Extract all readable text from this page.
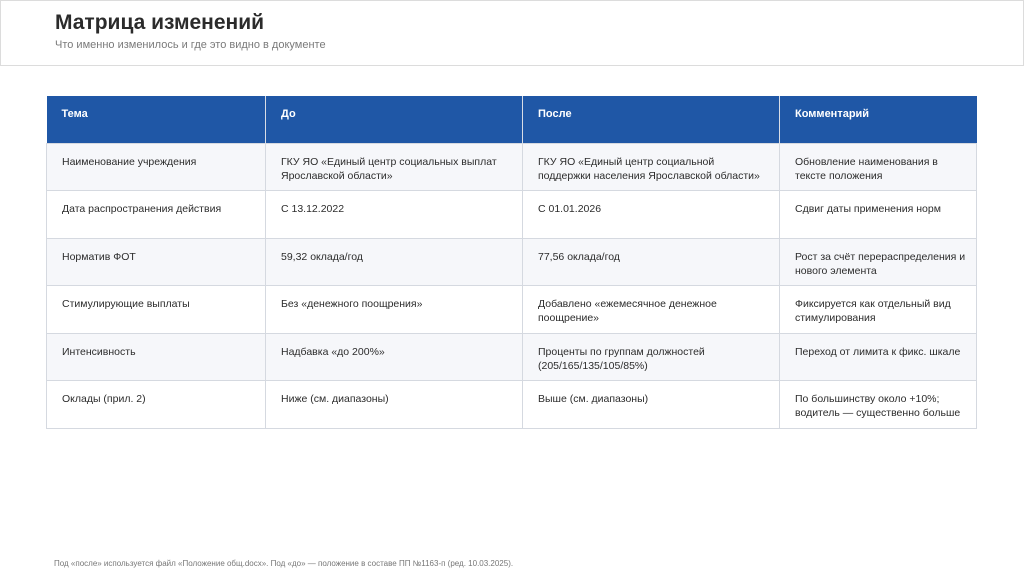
Матрица изменений
Что именно изменилось и где это видно в документе
Тема	До	После	Комментарий

Наименование учреждения	ГКУ ЯО «Единый центр социальных выплат Ярославской области»	ГКУ ЯО «Единый центр социальной поддержки населения Ярославской области»	Обновление наименования в тексте положения

Дата распространения действия	С 13.12.2022	С 01.01.2026	Сдвиг даты применения норм

Норматив ФОТ	59,32 оклада/год	77,56 оклада/год	Рост за счёт перераспределения и нового элемента

Стимулирующие выплаты	Без «денежного поощрения»	Добавлено «ежемесячное денежное поощрение»	Фиксируется как отдельный вид стимулирования

Интенсивность	Надбавка «до 200%»	Проценты по группам должностей (205/165/135/105/85%)	Переход от лимита к фикс. шкале

Оклады (прил. 2)	Ниже (см. диапазоны)	Выше (см. диапазоны)	По большинству около +10%; водитель — существенно больше
Под «после» используется файл «Положение общ.docx». Под «до» — положение в составе ПП №1163-п (ред. 10.03.2025).
